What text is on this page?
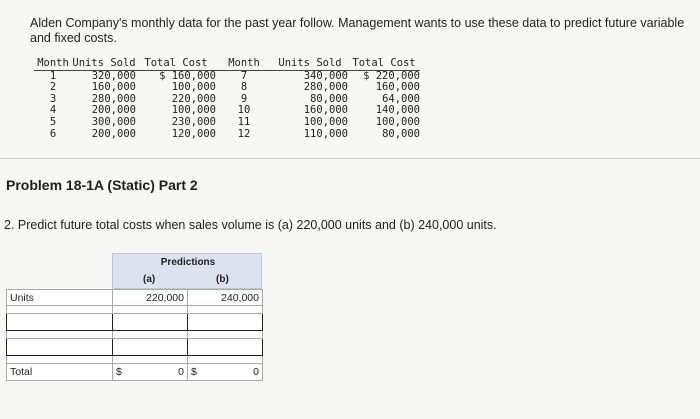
Alden Company's monthly data for the past year follow. Management wants to use these data to predict future variable and fixed costs.
Month	Units Sold	Total Cost	Month	Units Sold	Total Cost
1	320,000	$ 160,000	7	340,000	$ 220,000
2	160,000	100,000	8	280,000	160,000
3	280,000	220,000	9	80,000	64,000
4	200,000	100,000	10	160,000	140,000
5	300,000	230,000	11	100,000	100,000
6	200,000	120,000	12	110,000	80,000
Problem 18-1A (Static) Part 2
2. Predict future total costs when sales volume is (a) 220,000 units and (b) 240,000 units.
Predictions
(a)	(b)
Units	220,000	240,000

Total	$ 0	$ 0
